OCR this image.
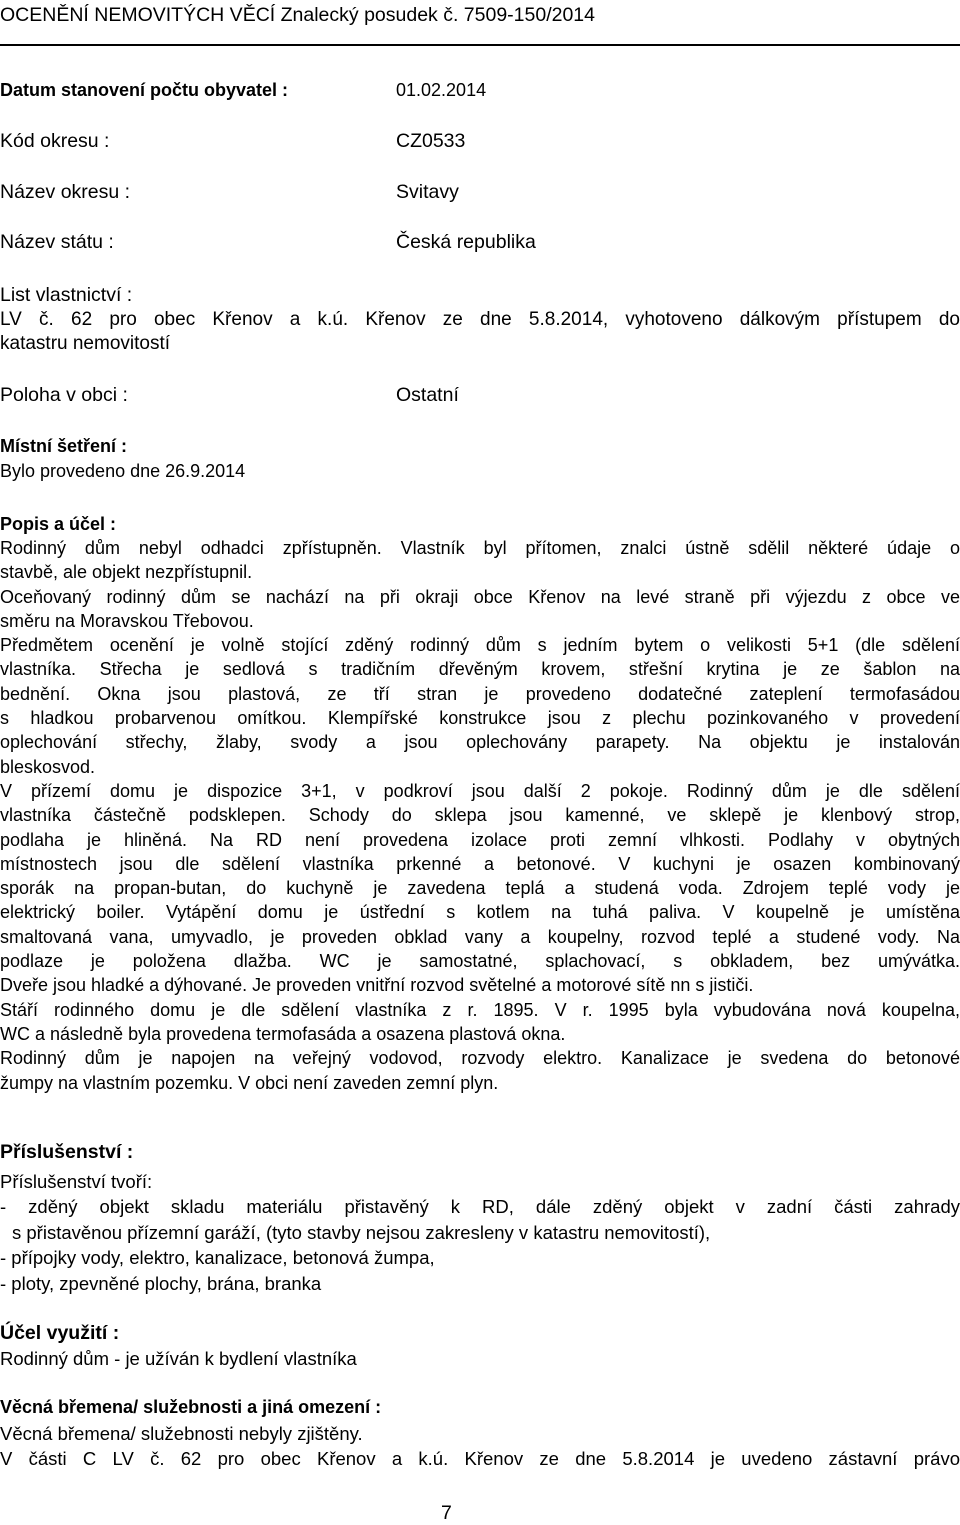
OCENĚNÍ NEMOVITÝCH VĚCÍ Znalecký posudek č. 7509-150/2014
Datum stanovení počtu obyvatel :	01.02.2014
Kód okresu :	CZ0533
Název okresu :	Svitavy
Název státu :	Česká republika
List vlastnictví :
LV č. 62 pro obec Křenov a k.ú. Křenov ze dne 5.8.2014, vyhotoveno dálkovým přístupem do
katastru nemovitostí
Poloha v obci :	Ostatní
Místní šetření :
Bylo provedeno dne 26.9.2014
Popis a účel :
Rodinný dům nebyl odhadci zpřístupněn. Vlastník byl přítomen, znalci ústně sdělil některé údaje o
stavbě, ale objekt nezpřístupnil.
Oceňovaný rodinný dům se nachází na při okraji obce Křenov na levé straně při výjezdu z obce ve
směru na Moravskou Třebovou.
Předmětem ocenění je volně stojící zděný rodinný dům s jedním bytem o velikosti 5+1 (dle sdělení
vlastníka. Střecha je sedlová s tradičním dřevěným krovem, střešní krytina je ze šablon na
bednění. Okna jsou plastová, ze tří stran je provedeno dodatečné zateplení termofasádou
s hladkou probarvenou omítkou. Klempířské konstrukce jsou z plechu pozinkovaného v provedení
oplechování střechy, žlaby, svody a jsou oplechovány parapety. Na objektu je instalován
bleskosvod.
V přízemí domu je dispozice 3+1, v podkroví jsou další 2 pokoje. Rodinný dům je dle sdělení
vlastníka částečně podsklepen. Schody do sklepa jsou kamenné, ve sklepě je klenbový strop,
podlaha je hliněná. Na RD není provedena izolace proti zemní vlhkosti. Podlahy v obytných
místnostech jsou dle sdělení vlastníka prkenné a betonové. V kuchyni je osazen kombinovaný
sporák na propan-butan, do kuchyně je zavedena teplá a studená voda. Zdrojem teplé vody je
elektrický boiler. Vytápění domu je ústřední s kotlem na tuhá paliva. V koupelně je umístěna
smaltovaná vana, umyvadlo, je proveden obklad vany a koupelny, rozvod teplé a studené vody. Na
podlaze je položena dlažba. WC je samostatné, splachovací, s obkladem, bez umývátka.
Dveře jsou hladké a dýhované. Je proveden vnitřní rozvod světelné a motorové sítě nn s jističi.
Stáří rodinného domu je dle sdělení vlastníka z r. 1895. V r. 1995 byla vybudována nová koupelna,
WC a následně byla provedena termofasáda a osazena plastová okna.
Rodinný dům je napojen na veřejný vodovod, rozvody elektro. Kanalizace je svedena do betonové
žumpy na vlastním pozemku. V obci není zaveden zemní plyn.
Příslušenství :
Příslušenství tvoří:
- zděný objekt skladu materiálu přistavěný k RD, dále zděný objekt v zadní části zahrady
s přistavěnou přízemní garáží, (tyto stavby nejsou zakresleny v katastru nemovitostí),
- přípojky vody, elektro, kanalizace, betonová žumpa,
- ploty, zpevněné plochy, brána, branka
Účel využití :
Rodinný dům - je užíván k bydlení vlastníka
Věcná břemena/ služebnosti a jiná omezení :
Věcná břemena/ služebnosti nebyly zjištěny.
V části C LV č. 62 pro obec Křenov a k.ú. Křenov ze dne 5.8.2014 je uvedeno zástavní právo
7
